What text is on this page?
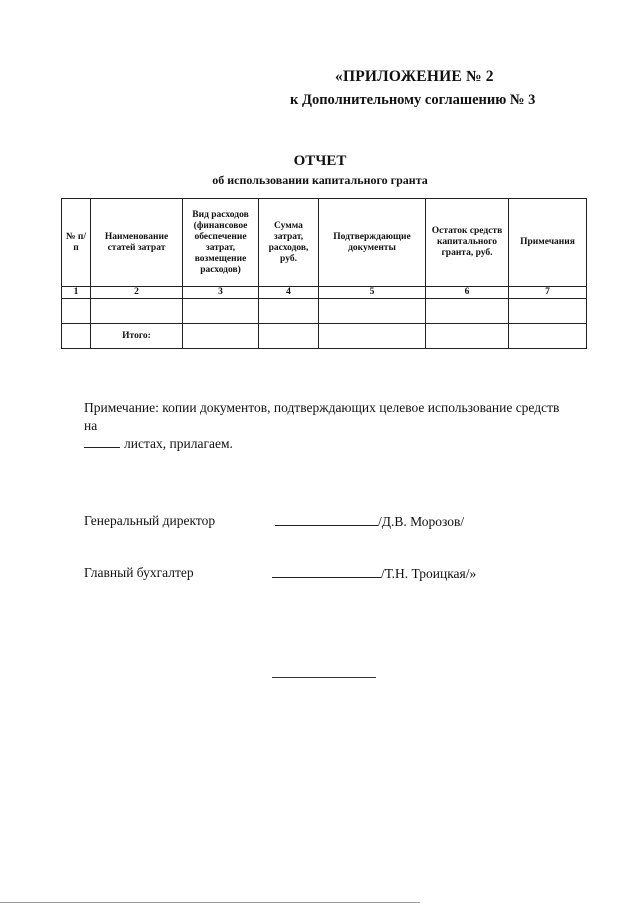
«ПРИЛОЖЕНИЕ № 2
к Дополнительному соглашению № 3
ОТЧЕТ
об использовании капитального гранта
№ п/п	Наименование статей затрат	Вид расходов (финансовое обеспечение затрат, возмещение расходов)	Сумма затрат, расходов, руб.	Подтверждающие документы	Остаток средств капитального гранта, руб.	Примечания
1	2	3	4	5	6	7

	Итого:					
Примечание: копии документов, подтверждающих целевое использование средств на
листах, прилагаем.
Генеральный директор	/Д.В. Морозов/
Главный бухгалтер	/Т.Н. Троицкая/»
